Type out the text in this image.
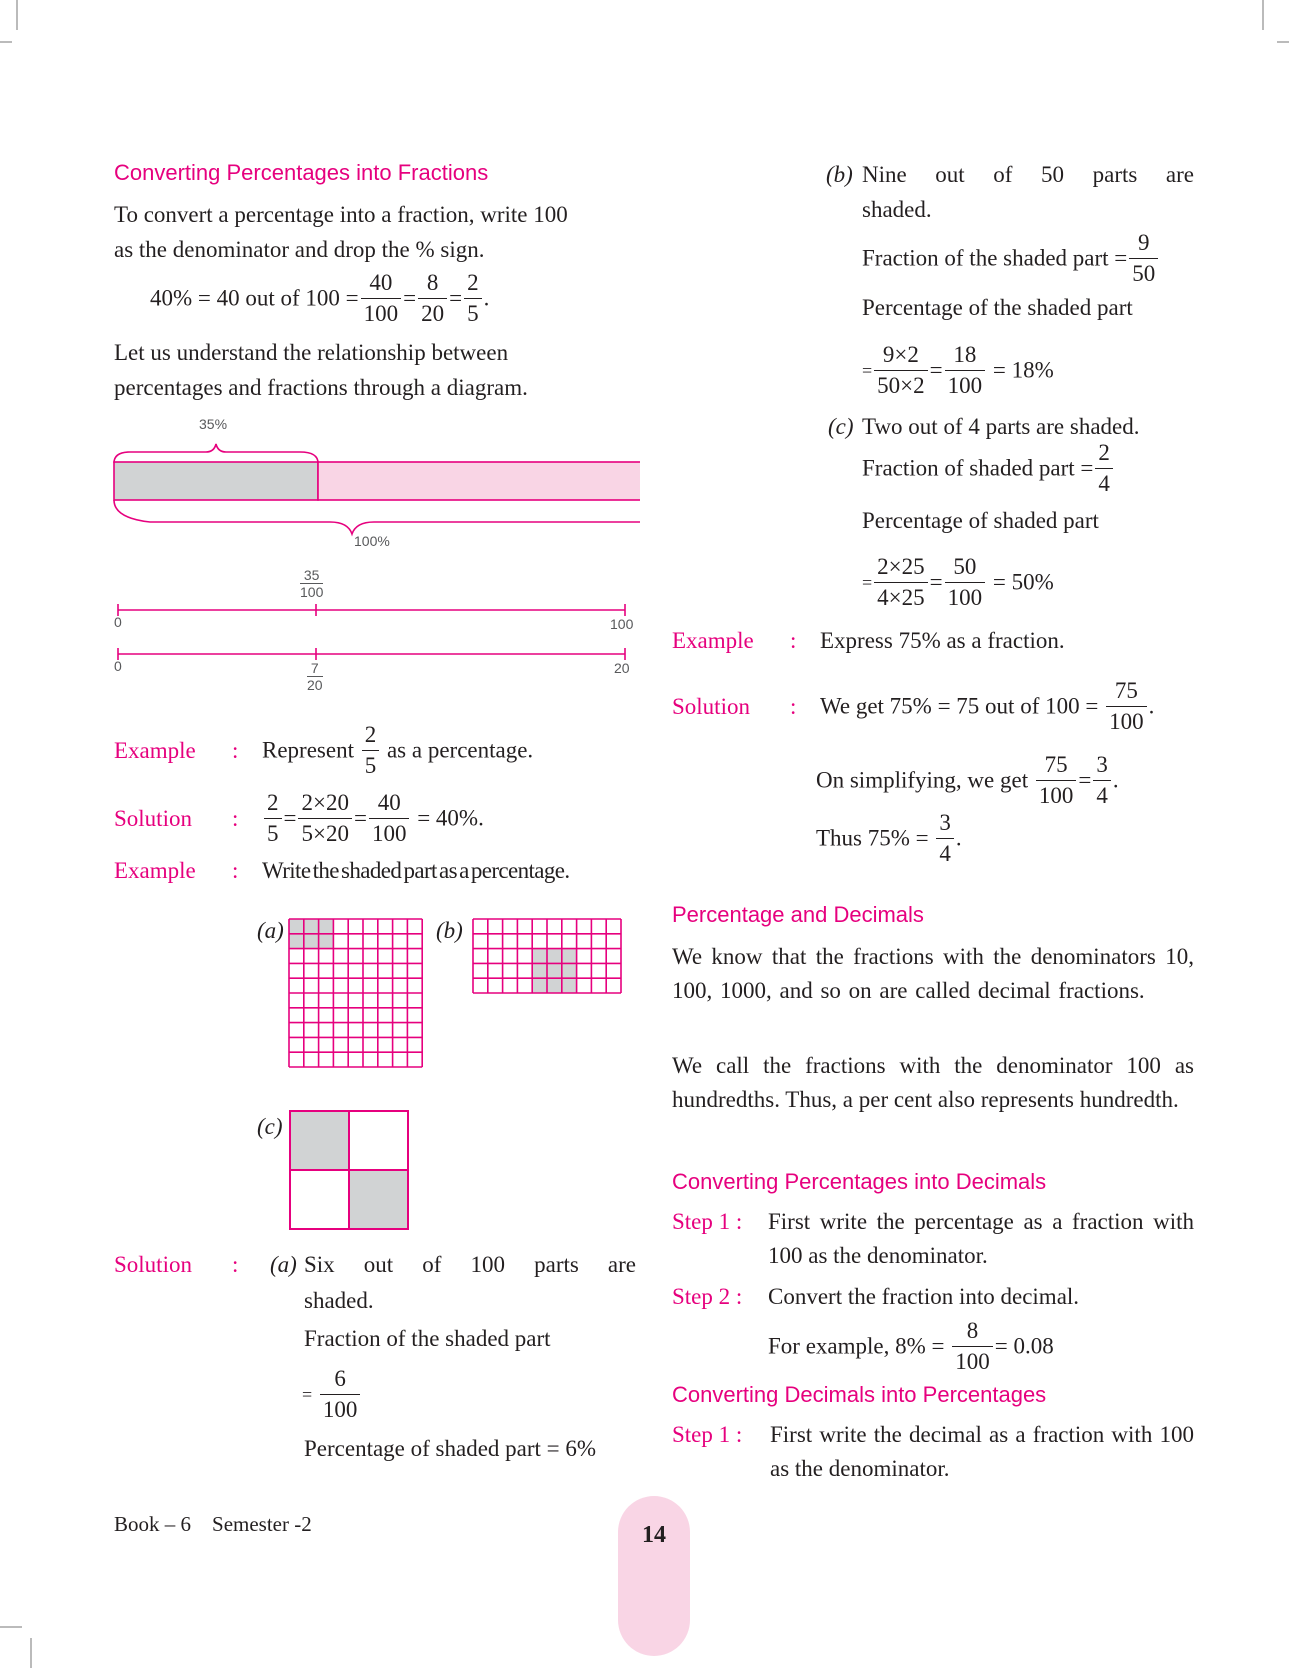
Converting Percentages into Fractions
To convert a percentage into a fraction, write 100
as the denominator and drop the % sign.
40% = 40 out of $100 = \frac{40}{100} = \frac{8}{20} = \frac{2}{5}$ .
Let us understand the relationship between
percentages and fractions through a diagram.
35%
100%
35
100
0	100
0	20
7
20
Example : Represent $\frac{2}{5}$ as a percentage.
Solution : $\frac{2}{5} = \frac{2\times 20}{5\times 20} = \frac{40}{100} = 40\%$.
Example : Write the shaded part as a percentage.
(a)	(b)
(c)
Solution :	(a) Six out of 100 parts are
shaded.
Fraction of the shaded part
= $\frac{6}{100}$
Percentage of shaded part = 6%
(b) Nine out of 50 parts are
shaded.
Fraction of the shaded part = $\frac{9}{50}$
Percentage of the shaded part
= $\frac{9\times 2}{50\times 2} = \frac{18}{100} = 18\%$
(c) Two out of 4 parts are shaded.
Fraction of shaded part = $\frac{2}{4}$
Percentage of shaded part
= $\frac{2\times 25}{4\times 25} = \frac{50}{100} = 50\%$
Example : Express 75% as a fraction.
Solution : We get 75% = 75 out of $100 = \frac{75}{100}$ .
On simplifying, we get $\frac{75}{100} = \frac{3}{4}$ .
Thus $75\% = \frac{3}{4}$ .
Percentage and Decimals
We know that the fractions with the denominators 10, 100, 1000, and so on are called decimal fractions.
We call the fractions with the denominator 100 as hundredths. Thus, a per cent also represents hundredth.
Converting Percentages into Decimals
Step 1 : First write the percentage as a fraction with 100 as the denominator.
Step 2 : Convert the fraction into decimal.
For example, $8\% = \frac{8}{100} = 0.08$
Converting Decimals into Percentages
Step 1 : First write the decimal as a fraction with 100 as the denominator.
Book – 6 Semester -2	14
